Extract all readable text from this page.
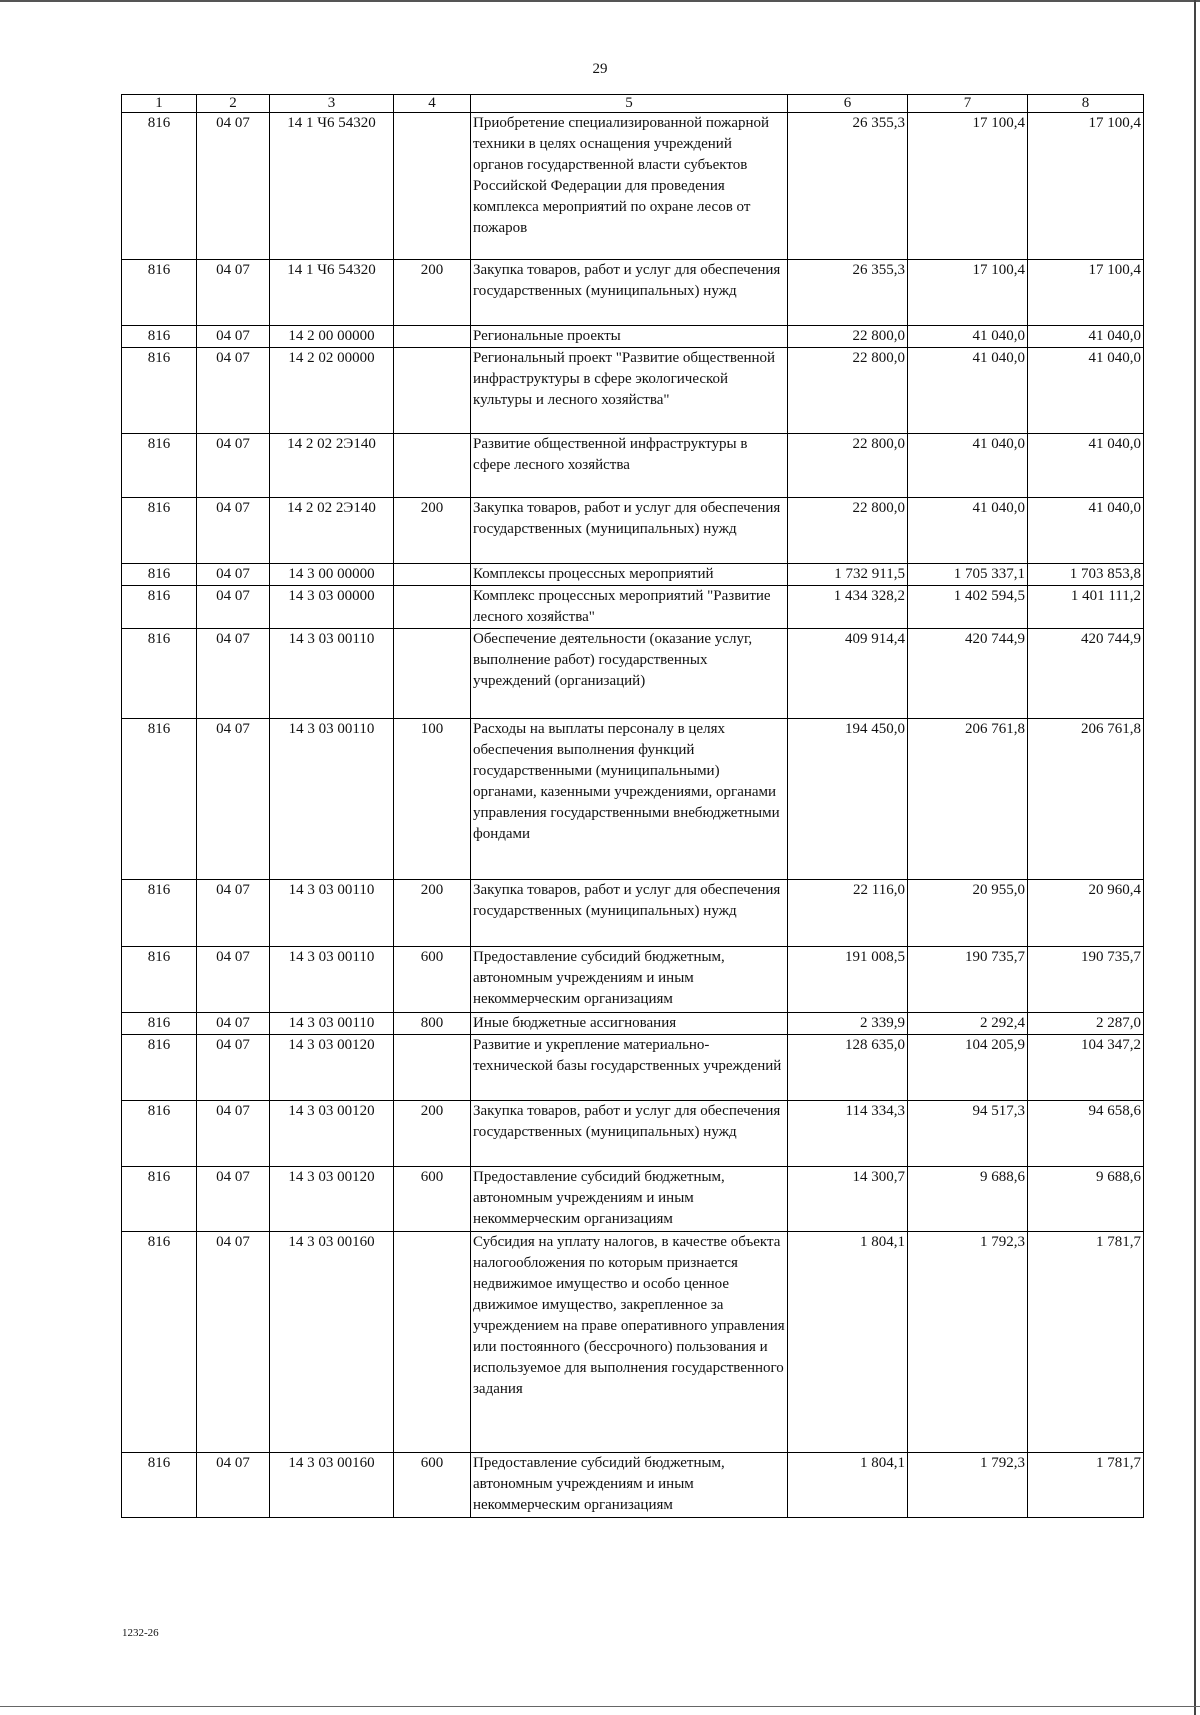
29
1	2	3	4	5	6	7	8
816	04 07	14 1 Ч6 54320		Приобретение специализированной пожарной техники в целях оснащения учреждений органов государственной власти субъектов Российской Федерации для проведения комплекса мероприятий по охране лесов от пожаров	26 355,3	17 100,4	17 100,4
816	04 07	14 1 Ч6 54320	200	Закупка товаров, работ и услуг для обеспечения государственных (муниципальных) нужд	26 355,3	17 100,4	17 100,4
816	04 07	14 2 00 00000		Региональные проекты	22 800,0	41 040,0	41 040,0
816	04 07	14 2 02 00000		Региональный проект "Развитие общественной инфраструктуры в сфере экологической культуры и лесного хозяйства"	22 800,0	41 040,0	41 040,0
816	04 07	14 2 02 2Э140		Развитие общественной инфраструктуры в сфере лесного хозяйства	22 800,0	41 040,0	41 040,0
816	04 07	14 2 02 2Э140	200	Закупка товаров, работ и услуг для обеспечения государственных (муниципальных) нужд	22 800,0	41 040,0	41 040,0
816	04 07	14 3 00 00000		Комплексы процессных мероприятий	1 732 911,5	1 705 337,1	1 703 853,8
816	04 07	14 3 03 00000		Комплекс процессных мероприятий "Развитие лесного хозяйства"	1 434 328,2	1 402 594,5	1 401 111,2
816	04 07	14 3 03 00110		Обеспечение деятельности (оказание услуг, выполнение работ) государственных учреждений (организаций)	409 914,4	420 744,9	420 744,9
816	04 07	14 3 03 00110	100	Расходы на выплаты персоналу в целях обеспечения выполнения функций государственными (муниципальными) органами, казенными учреждениями, органами управления государственными внебюджетными фондами	194 450,0	206 761,8	206 761,8
816	04 07	14 3 03 00110	200	Закупка товаров, работ и услуг для обеспечения государственных (муниципальных) нужд	22 116,0	20 955,0	20 960,4
816	04 07	14 3 03 00110	600	Предоставление субсидий бюджетным, автономным учреждениям и иным некоммерческим организациям	191 008,5	190 735,7	190 735,7
816	04 07	14 3 03 00110	800	Иные бюджетные ассигнования	2 339,9	2 292,4	2 287,0
816	04 07	14 3 03 00120		Развитие и укрепление материально-технической базы государственных учреждений	128 635,0	104 205,9	104 347,2
816	04 07	14 3 03 00120	200	Закупка товаров, работ и услуг для обеспечения государственных (муниципальных) нужд	114 334,3	94 517,3	94 658,6
816	04 07	14 3 03 00120	600	Предоставление субсидий бюджетным, автономным учреждениям и иным некоммерческим организациям	14 300,7	9 688,6	9 688,6
816	04 07	14 3 03 00160		Субсидия на уплату налогов, в качестве объекта налогообложения по которым признается недвижимое имущество и особо ценное движимое имущество, закрепленное за учреждением на праве оперативного управления или постоянного (бессрочного) пользования и используемое для выполнения государственного задания	1 804,1	1 792,3	1 781,7
816	04 07	14 3 03 00160	600	Предоставление субсидий бюджетным, автономным учреждениям и иным некоммерческим организациям	1 804,1	1 792,3	1 781,7
1232-26
